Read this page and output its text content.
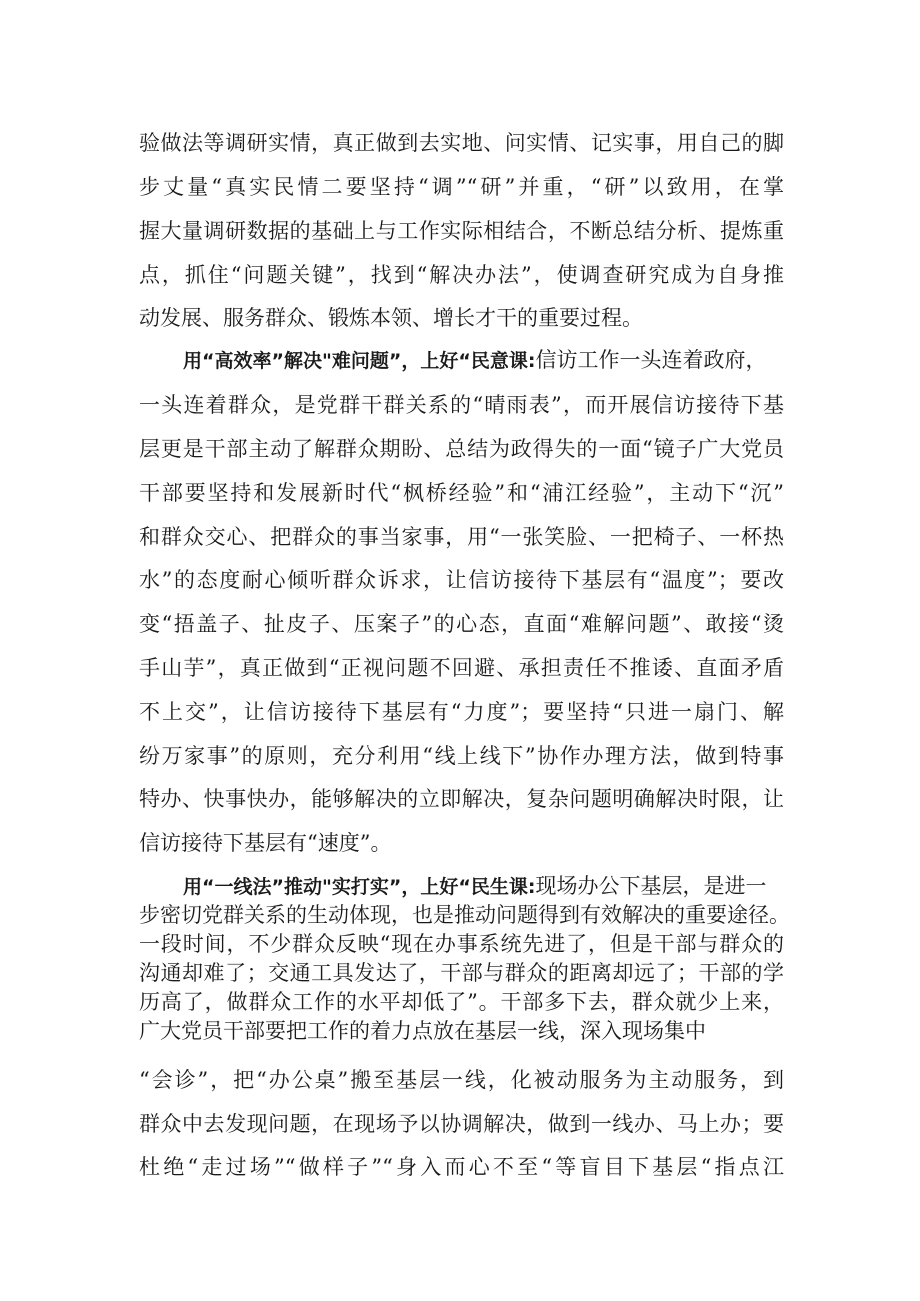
验做法等调研实情，真正做到去实地、问实情、记实事，用自己的脚
步丈量“真实民情二要坚持“调”“研”并重，“研”以致用，在掌
握大量调研数据的基础上与工作实际相结合，不断总结分析、提炼重
点，抓住“问题关键”，找到“解决办法”，使调查研究成为自身推
动发展、服务群众、锻炼本领、增长才干的重要过程。
用“高效率”解决"难问题”，上好“民意课:信访工作一头连着政府，
一头连着群众，是党群干群关系的“晴雨表”，而开展信访接待下基
层更是干部主动了解群众期盼、总结为政得失的一面“镜子广大党员
干部要坚持和发展新时代“枫桥经验”和“浦江经验”，主动下“沉”
和群众交心、把群众的事当家事，用“一张笑脸、一把椅子、一杯热
水”的态度耐心倾听群众诉求，让信访接待下基层有“温度”；要改
变“捂盖子、扯皮子、压案子”的心态，直面“难解问题”、敢接“烫
手山芋”，真正做到“正视问题不回避、承担责任不推诿、直面矛盾
不上交”，让信访接待下基层有“力度”；要坚持“只进一扇门、解
纷万家事”的原则，充分利用“线上线下”协作办理方法，做到特事
特办、快事快办，能够解决的立即解决，复杂问题明确解决时限，让
信访接待下基层有“速度”。
用“一线法”推动"实打实”，上好“民生课:现场办公下基层，是进一
步密切党群关系的生动体现，也是推动问题得到有效解决的重要途径。
一段时间，不少群众反映“现在办事系统先进了，但是干部与群众的
沟通却难了；交通工具发达了，干部与群众的距离却远了；干部的学
历高了，做群众工作的水平却低了”。干部多下去，群众就少上来，
广大党员干部要把工作的着力点放在基层一线，深入现场集中
“会诊”，把“办公桌”搬至基层一线，化被动服务为主动服务，到
群众中去发现问题，在现场予以协调解决，做到一线办、马上办；要
杜绝“走过场”“做样子”“身入而心不至“等盲目下基层“指点江
